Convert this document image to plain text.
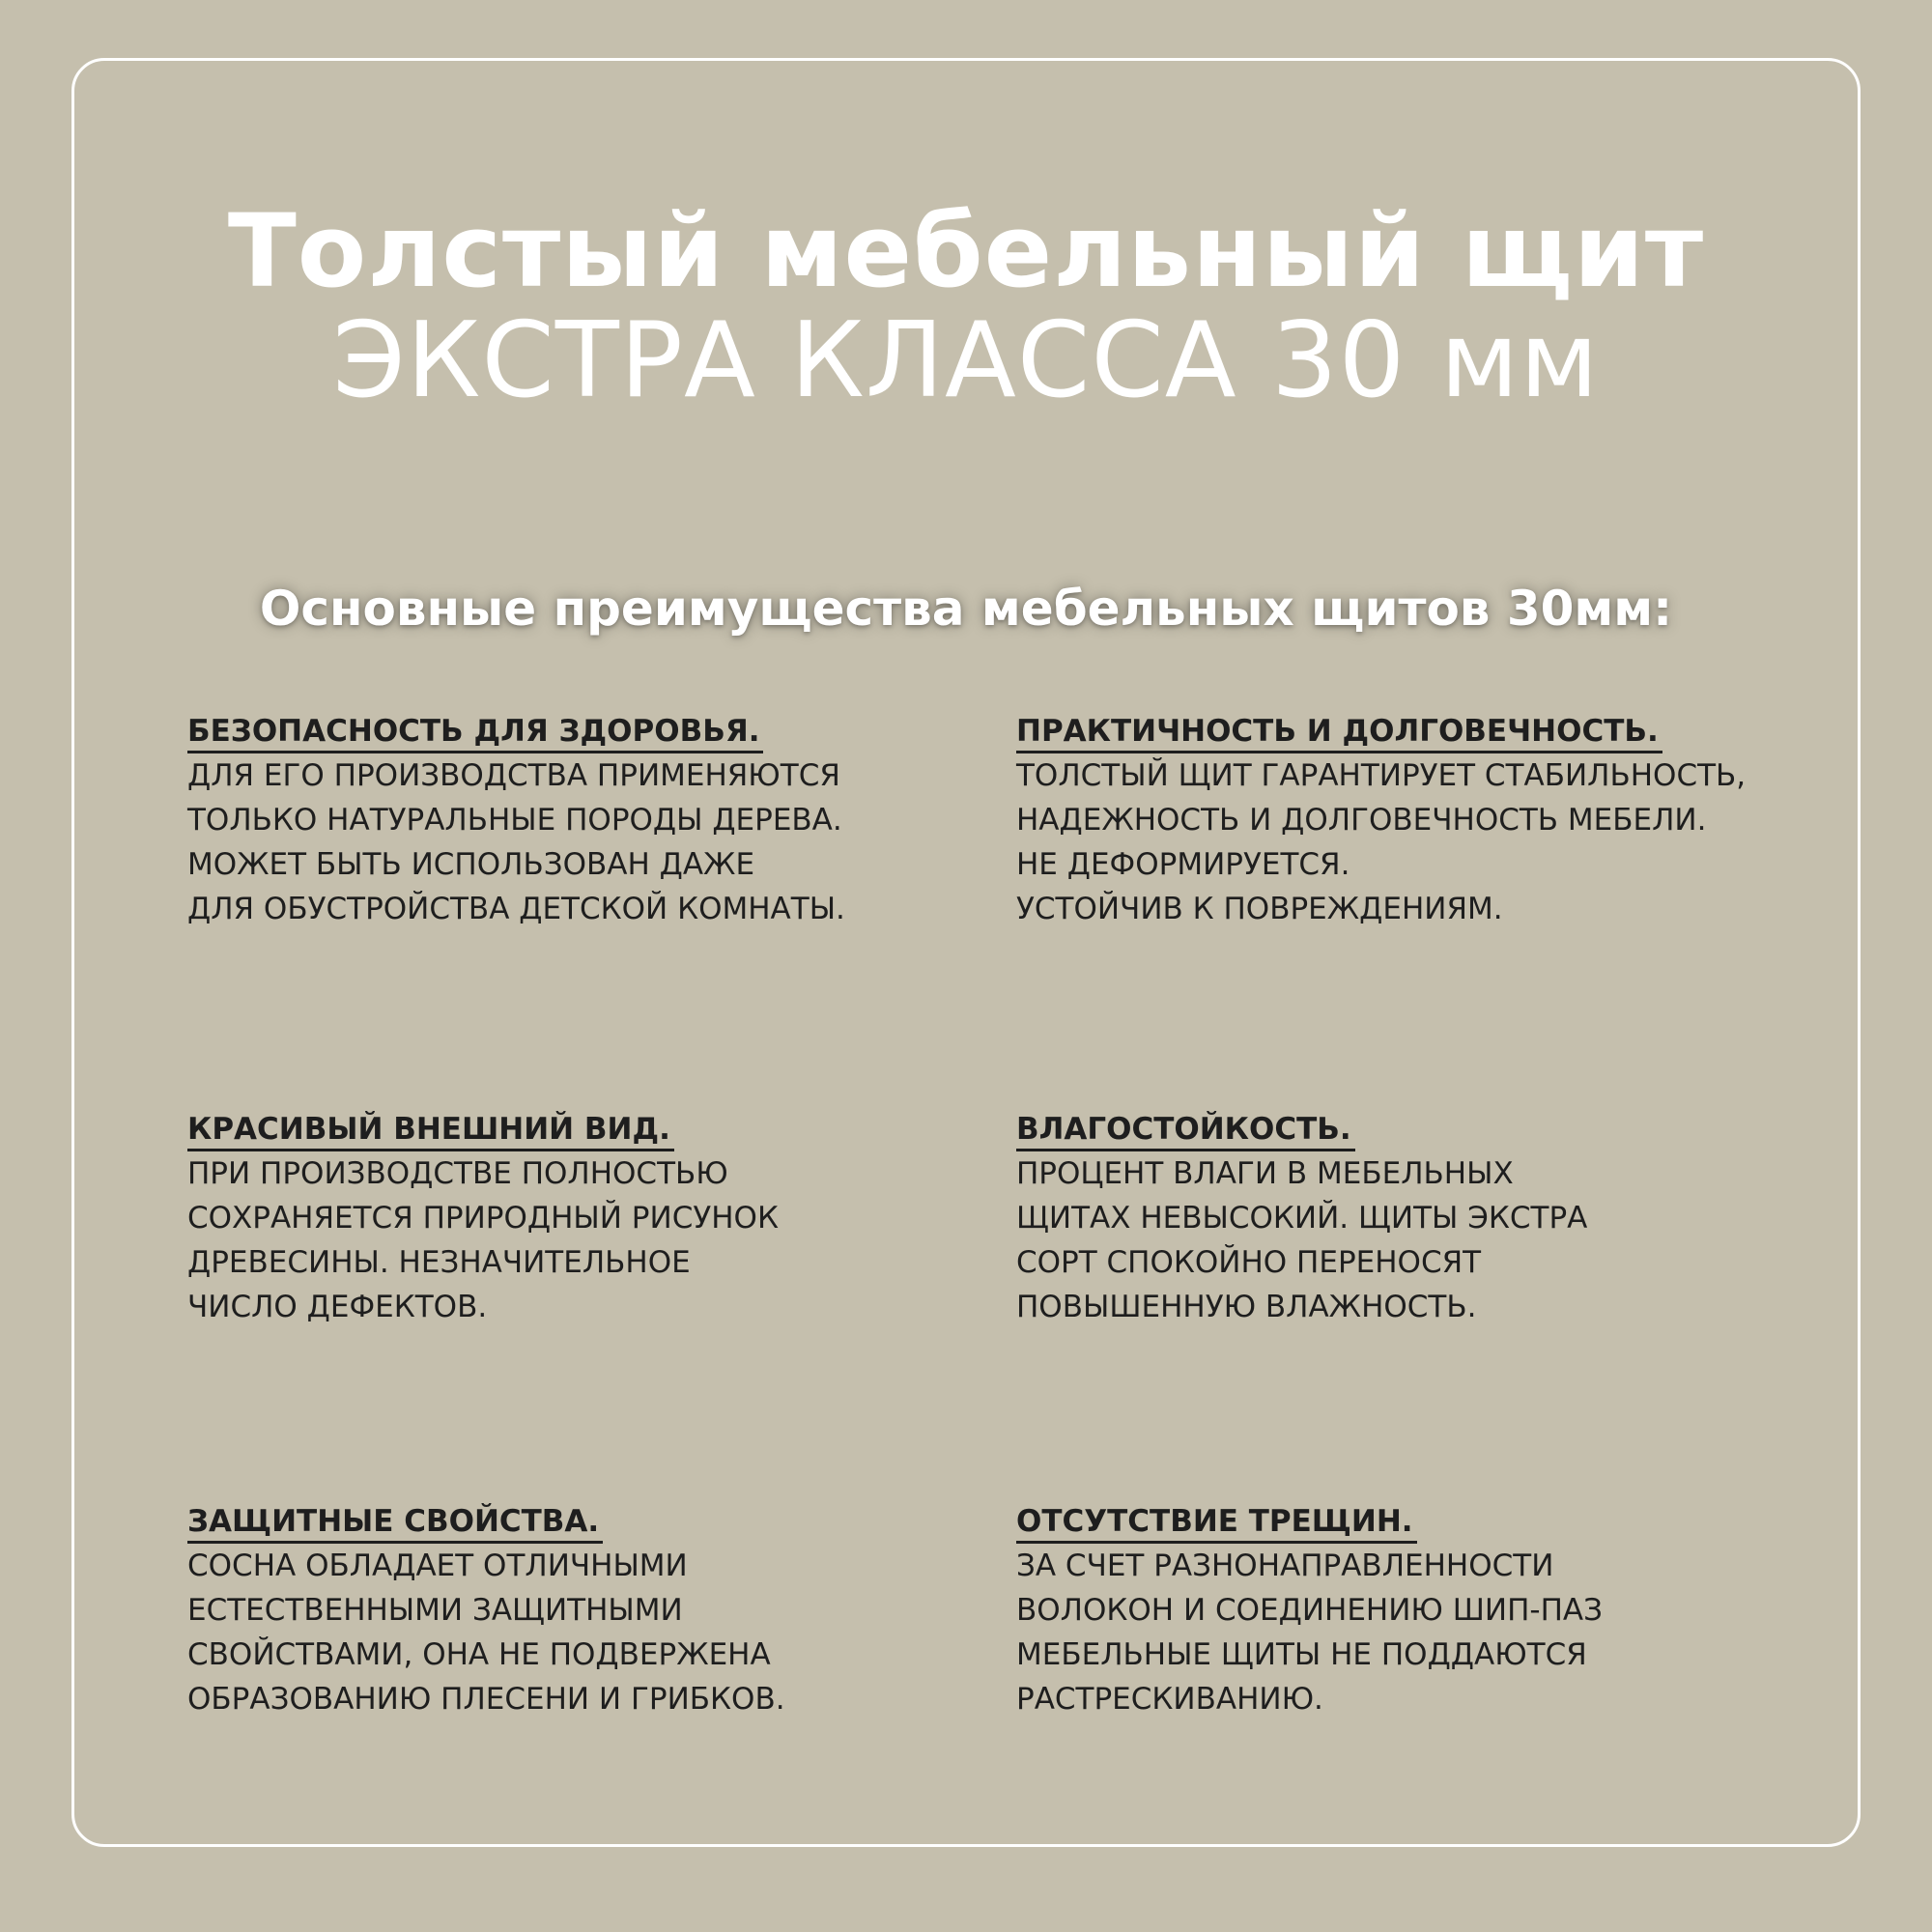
Толстый мебельный щит
ЭКСТРА КЛАССА 30 мм
Основные преимущества мебельных щитов 30мм:
БЕЗОПАСНОСТЬ ДЛЯ ЗДОРОВЬЯ.
ДЛЯ ЕГО ПРОИЗВОДСТВА ПРИМЕНЯЮТСЯ
ТОЛЬКО НАТУРАЛЬНЫЕ ПОРОДЫ ДЕРЕВА.
МОЖЕТ БЫТЬ ИСПОЛЬЗОВАН ДАЖЕ
ДЛЯ ОБУСТРОЙСТВА ДЕТСКОЙ КОМНАТЫ.
ПРАКТИЧНОСТЬ И ДОЛГОВЕЧНОСТЬ.
ТОЛСТЫЙ ЩИТ ГАРАНТИРУЕТ СТАБИЛЬНОСТЬ,
НАДЕЖНОСТЬ И ДОЛГОВЕЧНОСТЬ МЕБЕЛИ.
НЕ ДЕФОРМИРУЕТСЯ.
УСТОЙЧИВ К ПОВРЕЖДЕНИЯМ.
КРАСИВЫЙ ВНЕШНИЙ ВИД.
ПРИ ПРОИЗВОДСТВЕ ПОЛНОСТЬЮ
СОХРАНЯЕТСЯ ПРИРОДНЫЙ РИСУНОК
ДРЕВЕСИНЫ. НЕЗНАЧИТЕЛЬНОЕ
ЧИСЛО ДЕФЕКТОВ.
ВЛАГОСТОЙКОСТЬ.
ПРОЦЕНТ ВЛАГИ В МЕБЕЛЬНЫХ
ЩИТАХ НЕВЫСОКИЙ. ЩИТЫ ЭКСТРА
СОРТ СПОКОЙНО ПЕРЕНОСЯТ
ПОВЫШЕННУЮ ВЛАЖНОСТЬ.
ЗАЩИТНЫЕ СВОЙСТВА.
СОСНА ОБЛАДАЕТ ОТЛИЧНЫМИ
ЕСТЕСТВЕННЫМИ ЗАЩИТНЫМИ
СВОЙСТВАМИ, ОНА НЕ ПОДВЕРЖЕНА
ОБРАЗОВАНИЮ ПЛЕСЕНИ И ГРИБКОВ.
ОТСУТСТВИЕ ТРЕЩИН.
ЗА СЧЕТ РАЗНОНАПРАВЛЕННОСТИ
ВОЛОКОН И СОЕДИНЕНИЮ ШИП-ПАЗ
МЕБЕЛЬНЫЕ ЩИТЫ НЕ ПОДДАЮТСЯ
РАСТРЕСКИВАНИЮ.
